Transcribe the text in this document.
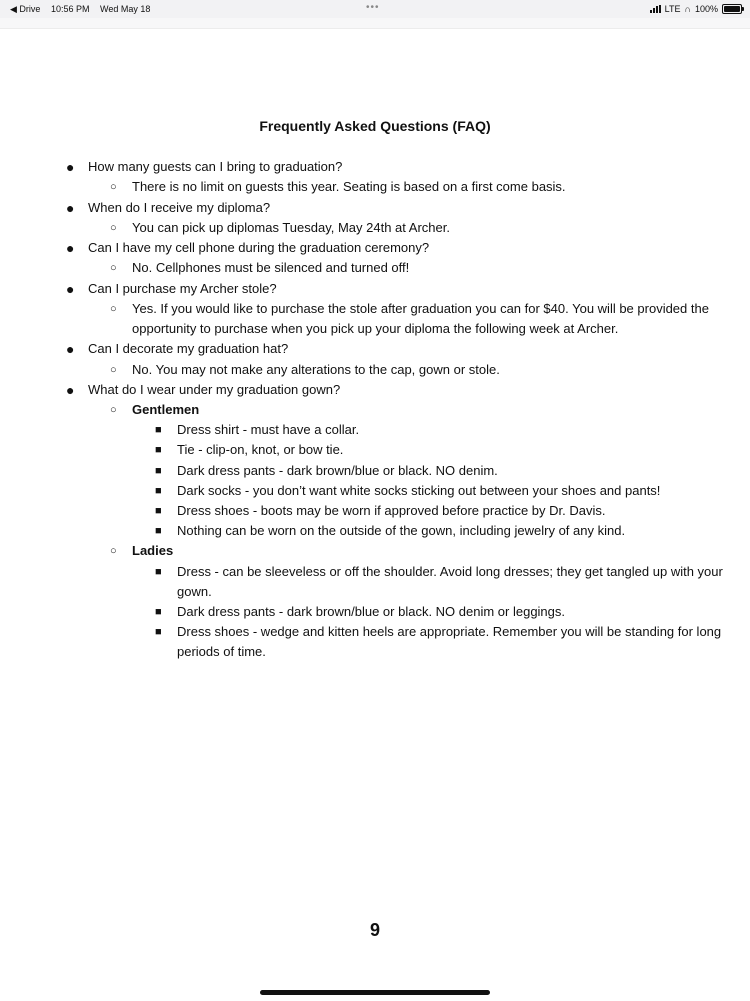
◀ Drive 10:56 PM Wed May 18	•••	LTE ∩ 100%
Frequently Asked Questions (FAQ)
● How many guests can I bring to graduation?
○ There is no limit on guests this year. Seating is based on a first come basis.
● When do I receive my diploma?
○ You can pick up diplomas Tuesday, May 24th at Archer.
● Can I have my cell phone during the graduation ceremony?
○ No. Cellphones must be silenced and turned off!
● Can I purchase my Archer stole?
○ Yes. If you would like to purchase the stole after graduation you can for $40. You will be provided the
opportunity to purchase when you pick up your diploma the following week at Archer.
● Can I decorate my graduation hat?
○ No. You may not make any alterations to the cap, gown or stole.
● What do I wear under my graduation gown?
○ Gentlemen
■ Dress shirt - must have a collar.
■ Tie - clip-on, knot, or bow tie.
■ Dark dress pants - dark brown/blue or black. NO denim.
■ Dark socks - you don’t want white socks sticking out between your shoes and pants!
■ Dress shoes - boots may be worn if approved before practice by Dr. Davis.
■ Nothing can be worn on the outside of the gown, including jewelry of any kind.
○ Ladies
■ Dress - can be sleeveless or off the shoulder. Avoid long dresses; they get tangled up with your
gown.
■ Dark dress pants - dark brown/blue or black. NO denim or leggings.
■ Dress shoes - wedge and kitten heels are appropriate. Remember you will be standing for long
periods of time.
9
